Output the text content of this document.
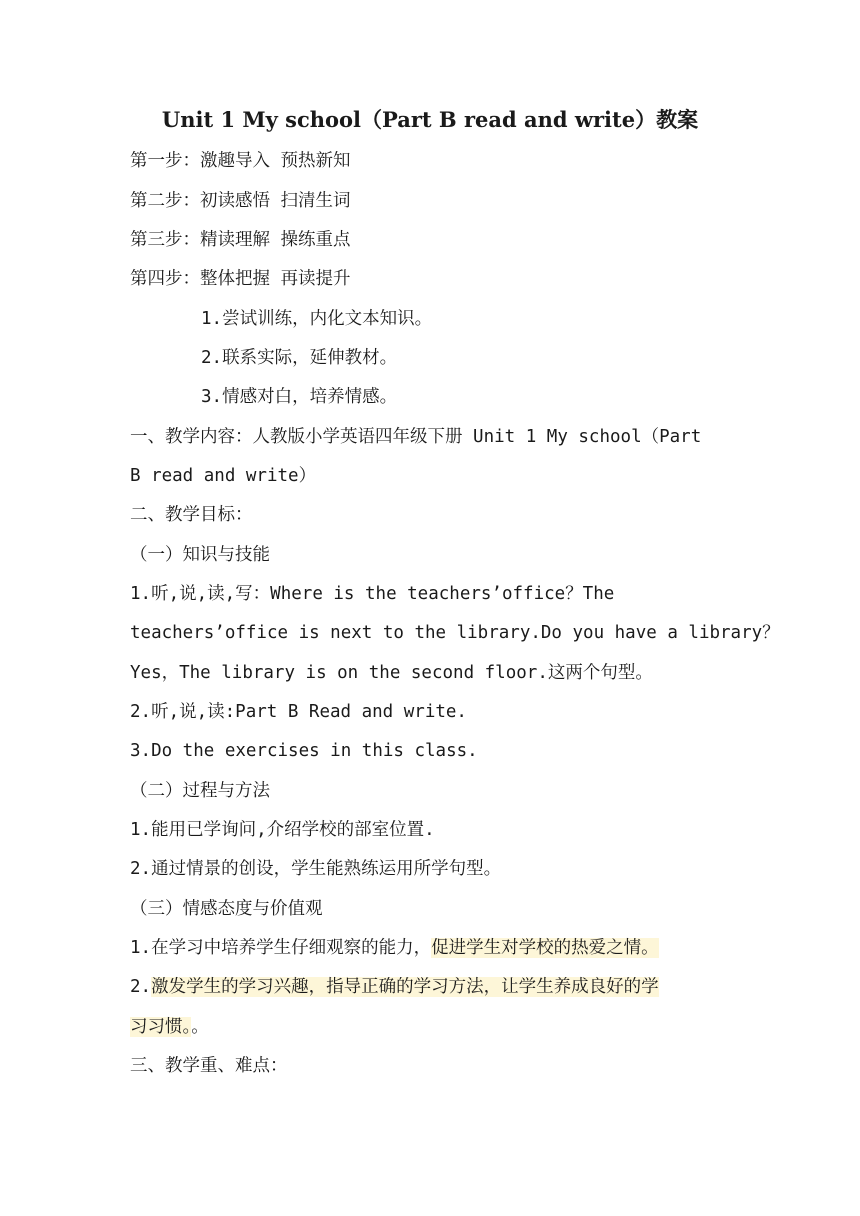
Unit 1 My school（Part B read and write）教案
第一步：激趣导入 预热新知
第二步：初读感悟 扫清生词
第三步：精读理解 操练重点
第四步：整体把握 再读提升
1.尝试训练，内化文本知识。
2.联系实际，延伸教材。
3.情感对白，培养情感。
一、教学内容：人教版小学英语四年级下册 Unit 1 My school（Part
B read and write）
二、教学目标：
（一）知识与技能
1.听,说,读,写：Where is the teachers’office？The
teachers’office is next to the library.Do you have a library？
Yes，The library is on the second floor.这两个句型。
2.听,说,读:Part B Read and write.
3.Do the exercises in this class.
（二）过程与方法
1.能用已学询问,介绍学校的部室位置.
2.通过情景的创设，学生能熟练运用所学句型。
（三）情感态度与价值观
1.在学习中培养学生仔细观察的能力，促进学生对学校的热爱之情。
2.激发学生的学习兴趣，指导正确的学习方法，让学生养成良好的学
习习惯。。
三、教学重、难点：
